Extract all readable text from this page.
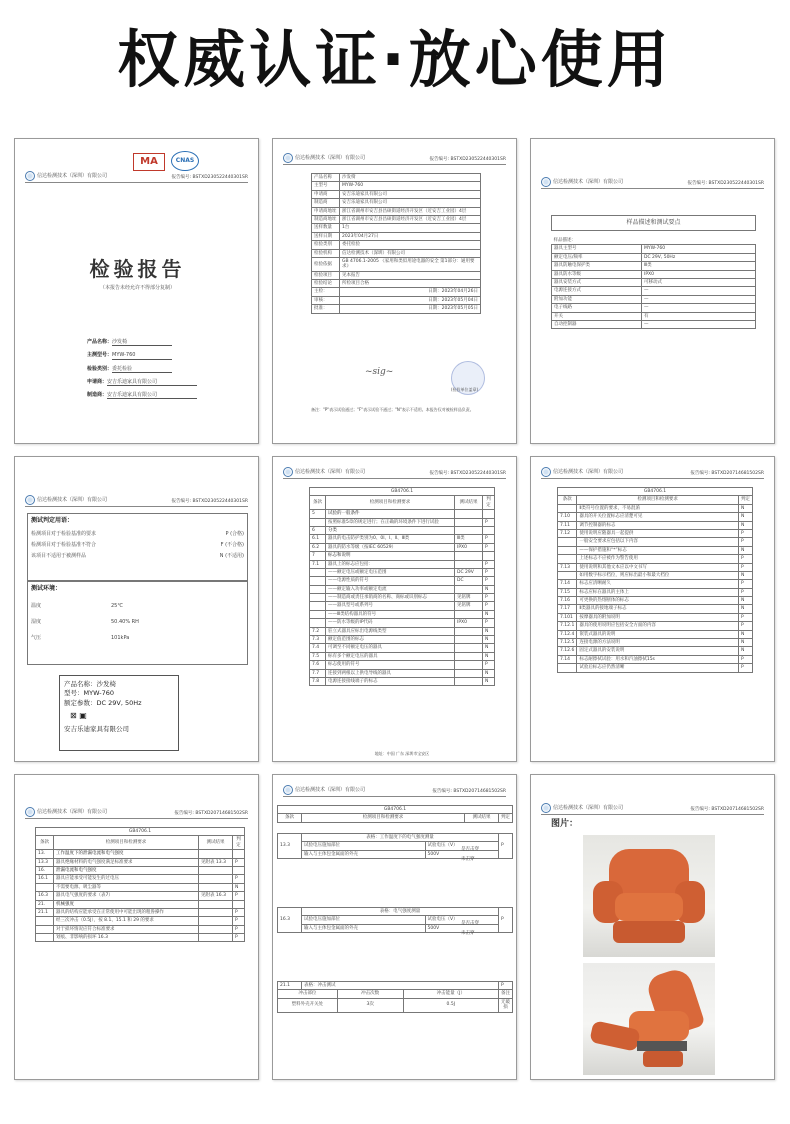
权威认证·放心使用
信达检测技术（深圳）有限公司	报告编号: BSTXD230522440301SR
MA	CNAS
检验报告
（本报告未经允许不得部分复制）
产品名称：沙发椅
主测型号：MYW-760
检验类别：委托检验
申请商：安吉乐迪家具有限公司
制造商：安吉乐迪家具有限公司
信达检测技术（深圳）有限公司	报告编号: BSTXD230522440301SR
产品名称	沙发椅
主型号	MYW-760
申请商	安吉乐迪家具有限公司
制造商	安吉乐迪家具有限公司
申请商地址	浙江省湖州市安吉县昌硕街道经济开发区（近安吉工业园）4层
制造商地址	浙江省湖州市安吉县昌硕街道经济开发区（近安吉工业园）4层
送样数量	1台
送样日期	2023年04月27日
检验类别	委托检验
检验机构	信达检测技术（深圳）有限公司
检验依据	GB 4706.1-2005 《家用和类似用途电器的安全 第1部分：通用要求》
检验项目	见本报告
检验结论	所检项目合格
主检：	日期：2023年04月26日
审核：	日期：2023年05月04日
批准：	日期：2023年05月05日
~sig~
(检验单位盖章)
备注："P"表示试验通过；"F"表示试验不通过；"N"表示不适用。本报告仅对被检样品负责。
信达检测技术（深圳）有限公司	报告编号: BSTXD230522440301SR
样品描述和测试要点
样品描述：	
器具主型号	MYW-760
额定电压/频率	DC 29V, 50Hz
器具防触电保护类	Ⅲ类
器具防水等级	IPX0
器具安装方式	可移动式
电源连接方式	—
附加功能	—
电子线路	—
开关	有
自动控制器	—
信达检测技术（深圳）有限公司	报告编号: BSTXD230522440301SR
测试判定用语：
检测项目对于检验基准的要求	P (合格)
检测项目对于检验基准不符合	F (不合格)
该项目不适用于被测样品	N (不适用)
测试环境：
温度	25℃
湿度	50.40% RH
气压	101kPa
产品名称：沙发椅
型号：MYW-760
额定参数：DC 29V, 50Hz
⊠ ▣
安吉乐迪家具有限公司
信达检测技术（深圳）有限公司	报告编号: BSTXD230522440301SR
GB4706.1			
条款	检测项目和检测要求	测试结果	判定
5	试验的一般条件		
	按照标准5章的规定进行；在正确的环境条件下进行试验		P
6	分类		
6.1	器具的电击防护类别为0、0I、Ⅰ、Ⅱ、Ⅲ类	Ⅲ类	P
6.2	器具的防水等级（按IEC 60529）	IPX0	P
7	标志和说明		
7.1	器具上的标志应包括：		P
	——额定电压或额定电压范围	DC 29V	P
	——电源性质的符号	DC	P
	——额定输入功率或额定电流		N
	——制造商或责任承销商的名称、商标或识别标志	见铭牌	P
	——器具型号或系列号	见铭牌	P
	——Ⅲ类结构器具的符号		N
	——防水等级的IP代码	IPX0	P
7.2	驻立式器具应标出电源线类型		N
7.3	额定值范围的标志		N
7.4	可调至不同额定电压的器具		N
7.5	标有多个额定电压的器具		N
7.6	标志使用的符号		P
7.7	连接到两根以上供电导线的器具		N
7.8	电源连接接线端子的标志		N
地址：中国 广东 深圳市宝安区
信达检测技术（深圳）有限公司	报告编号: BSTXD20714681502SR
GB4706.1		
条款	检测项目和检测要求	判定
	Ⅱ类符号位置的要求，不易混淆	N
7.10	器具的开关位置标志应清楚可见	N
7.11	调节控制器的标志	N
7.12	使用说明应随器具一起提供	P
	一般安全要求应包括以下内容	P
	——保护措施和“*”标志	N
	上述标志不应被作为警告使用	P
7.13	使用说明和其他文本应以中文书写	P
	如用数字标示档位，则应标出最小和最大档位	N
7.14	标志应清晰耐久	P
7.15	标志应标在器具的主体上	P
7.16	可更换的热熔断体的标志	N
7.17	Ⅱ类器具的接地端子标志	N
7.101	按摩器具的附加说明	P
7.12.1	器具的使用说明应包括安全方面的内容	P
7.12.4	嵌装式器具的说明	N
7.12.5	连接电源的方法说明	N
7.12.6	固定式器具的安装说明	N
7.14	标志耐擦拭试验：用水和汽油擦拭15s	P
	试验后标志应仍然清晰	P
信达检测技术（深圳）有限公司	报告编号: BSTXD20714681502SR
GB4706.1			
条款	检测项目和检测要求	测试结果	判定
13.	工作温度下的泄漏电流和电气强度		
13.3	器具绝缘材料的电气强度满足标准要求	见附表 13.3	P
16.	泄漏电流和电气强度		
16.1	器具应能承受可能发生的过电压		P
	不需要电源、吸尘器等		N
16.3	器具电气强度的要求（表7）	见附表 16.3	P
21.	机械强度		
21.1	器具的结构应能承受在正常使用中可能出现的粗鲁操作		P
	经三次冲击（0.5J），按 8.1、15.1 和 29 的要求		P
	对于损坏情况应符合标准要求		P
	划痕、非影响的损坏 16.3		P
信达检测技术（深圳）有限公司	报告编号: BSTXD20714681502SR
GB4706.1
条款	检测项目和检测要求	测试结果	判定
13.3	表格：工作温度下的电气强度测量		P
	试验电压施加部位	试验电压（V）	
	输入与主体包金属面的外壳	500V	
是否击穿
未击穿
16.3	表格：电气强度测量		P
	试验电压施加部位	试验电压（V）	
	输入与主体包金属面的外壳	500V	
是否击穿
未击穿
21.1	表格：冲击测试			P
冲击部位		冲击次数	冲击能量（J）	备注
塑料外壳开关处		3次	0.5J	无破损
信达检测技术（深圳）有限公司	报告编号: BSTXD20714681502SR
图片：
